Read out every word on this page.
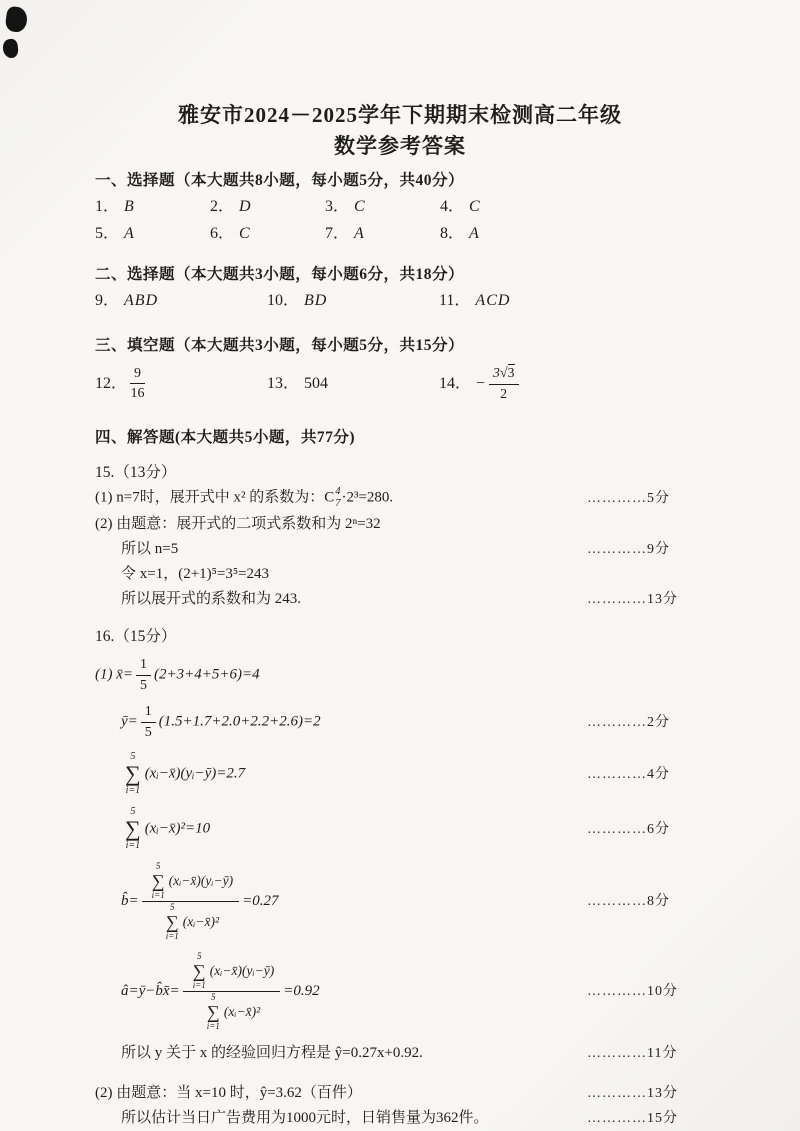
雅安市2024－2025学年下期期末检测高二年级
数学参考答案
一、选择题（本大题共8小题，每小题5分，共40分）
1． B	2． D	3． C	4． C
5． A	6． C	7． A	8． A
二、选择题（本大题共3小题，每小题6分，共18分）
9． ABD	10． BD	11． ACD
三、填空题（本大题共3小题，每小题5分，共15分）
12． $\frac{9}{16}$	13． 504	14． − $\frac{3 √ 3}{2}$
四、解答题(本大题共5小题，共77分)
15.（13分）
(1) n=7时，展开式中 x² 的系数为：C 4
7 ·2³=280.	…………5分
(2) 由题意：展开式的二项式系数和为 2ⁿ=32
所以 n=5	…………9分
令 x=1，(2+1)⁵=3⁵=243
所以展开式的系数和为 243.	…………13分
16.（15分）
(1) x̄= $\frac{1}{5} (2+3+4+5+6)=4$
ȳ= $\frac{1}{5} (1.5+1.7+2.0+2.2+2.6)=2$	…………2分
5
∑
i=1
(xᵢ−x̄)(yᵢ−ȳ)=2.7	…………4分
5
∑
i=1
(xᵢ−x̄)²=10	…………6分
b̂= 5
∑
i=1
(xᵢ−x̄)(yᵢ−ȳ)
5
∑
i=1
(xᵢ−x̄)² =0.27	…………8分
â=ȳ−b̂x̄= 5
∑
i=1
(xᵢ−x̄)(yᵢ−ȳ)
5
∑
i=1
(xᵢ−x̄)² =0.92	…………10分
所以 y 关于 x 的经验回归方程是 ŷ=0.27x+0.92.	…………11分
(2) 由题意：当 x=10 时，ŷ=3.62（百件）	…………13分
所以估计当日广告费用为1000元时，日销售量为362件。	…………15分
